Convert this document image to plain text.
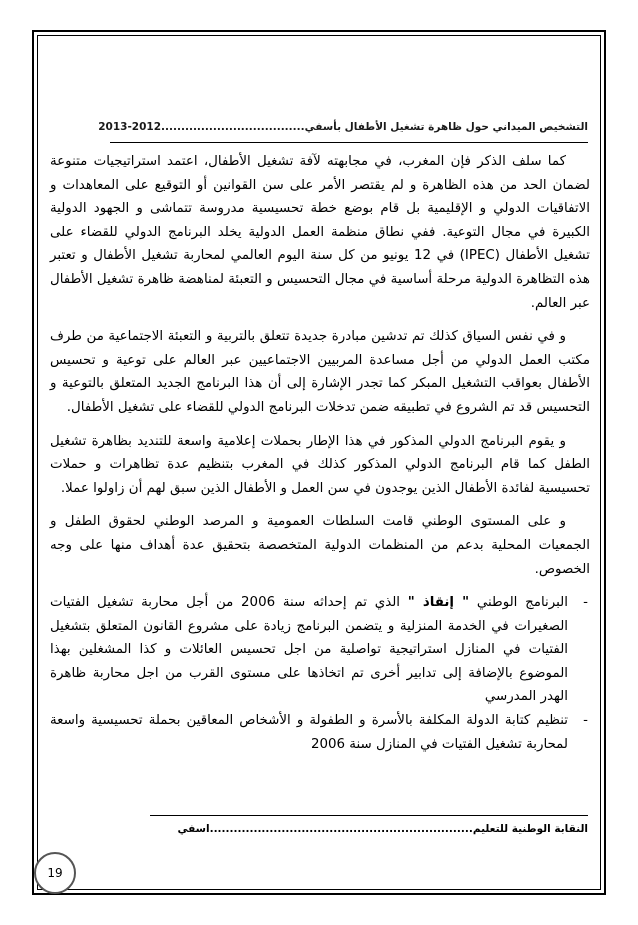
التشخيص الميداني حول ظاهرة تشغيل الأطفال بأسفي....................................2012-2013

كما سلف الذكر فإن المغرب، في مجابهته لآفة تشغيل الأطفال، اعتمد استراتيجيات متنوعة لضمان الحد من هذه الظاهرة و لم يقتصر الأمر على سن القوانين أو التوقيع على المعاهدات و الاتفاقيات الدولي و الإقليمية بل قام بوضع خطة تحسيسية مدروسة تتماشى و الجهود الدولية الكبيرة في مجال التوعية. ففي نطاق منظمة العمل الدولية يخلد البرنامج الدولي للقضاء على تشغيل الأطفال (IPEC) في 12 يونيو من كل سنة اليوم العالمي لمحاربة تشغيل الأطفال و تعتبر هذه التظاهرة الدولية مرحلة أساسية في مجال التحسيس و التعبئة لمناهضة ظاهرة تشغيل الأطفال عبر العالم.

و في نفس السياق كذلك تم تدشين مبادرة جديدة تتعلق بالتربية و التعبئة الاجتماعية من طرف مكتب العمل الدولي من أجل مساعدة المربيين الاجتماعيين عبر العالم على توعية و تحسيس الأطفال بعواقب التشغيل المبكر كما تجدر الإشارة إلى أن هذا البرنامج الجديد المتعلق بالتوعية و التحسيس قد تم الشروع في تطبيقه ضمن تدخلات البرنامج الدولي للقضاء على تشغيل الأطفال.

و يقوم البرنامج الدولي المذكور في هذا الإطار بحملات إعلامية واسعة للتنديد بظاهرة تشغيل الطفل كما قام البرنامج الدولي المذكور كذلك في المغرب بتنظيم عدة تظاهرات و حملات تحسيسية لفائدة الأطفال الذين يوجدون في سن العمل و الأطفال الذين سبق لهم أن زاولوا عملا.

و على المستوى الوطني قامت السلطات العمومية و المرصد الوطني لحقوق الطفل و الجمعيات المحلية بدعم من المنظمات الدولية المتخصصة بتحقيق عدة أهداف منها على وجه الخصوص.

-
البرنامج الوطني " إنقاذ " الذي تم إحداثه سنة 2006 من أجل محاربة تشغيل الفتيات الصغيرات في الخدمة المنزلية و يتضمن البرنامج زيادة على مشروع القانون المتعلق بتشغيل الفتيات في المنازل استراتيجية تواصلية من اجل تحسيس العائلات و كذا المشغلين بهذا الموضوع بالإضافة إلى تدابير أخرى تم اتخاذها على مستوى القرب من اجل محاربة ظاهرة الهدر المدرسي
-
تنظيم كتابة الدولة المكلفة بالأسرة و الطفولة و الأشخاص المعاقين بحملة تحسيسية واسعة لمحاربة تشغيل الفتيات في المنازل سنة 2006
النقابة الوطنية للتعليم..................................................................اسفي
19
